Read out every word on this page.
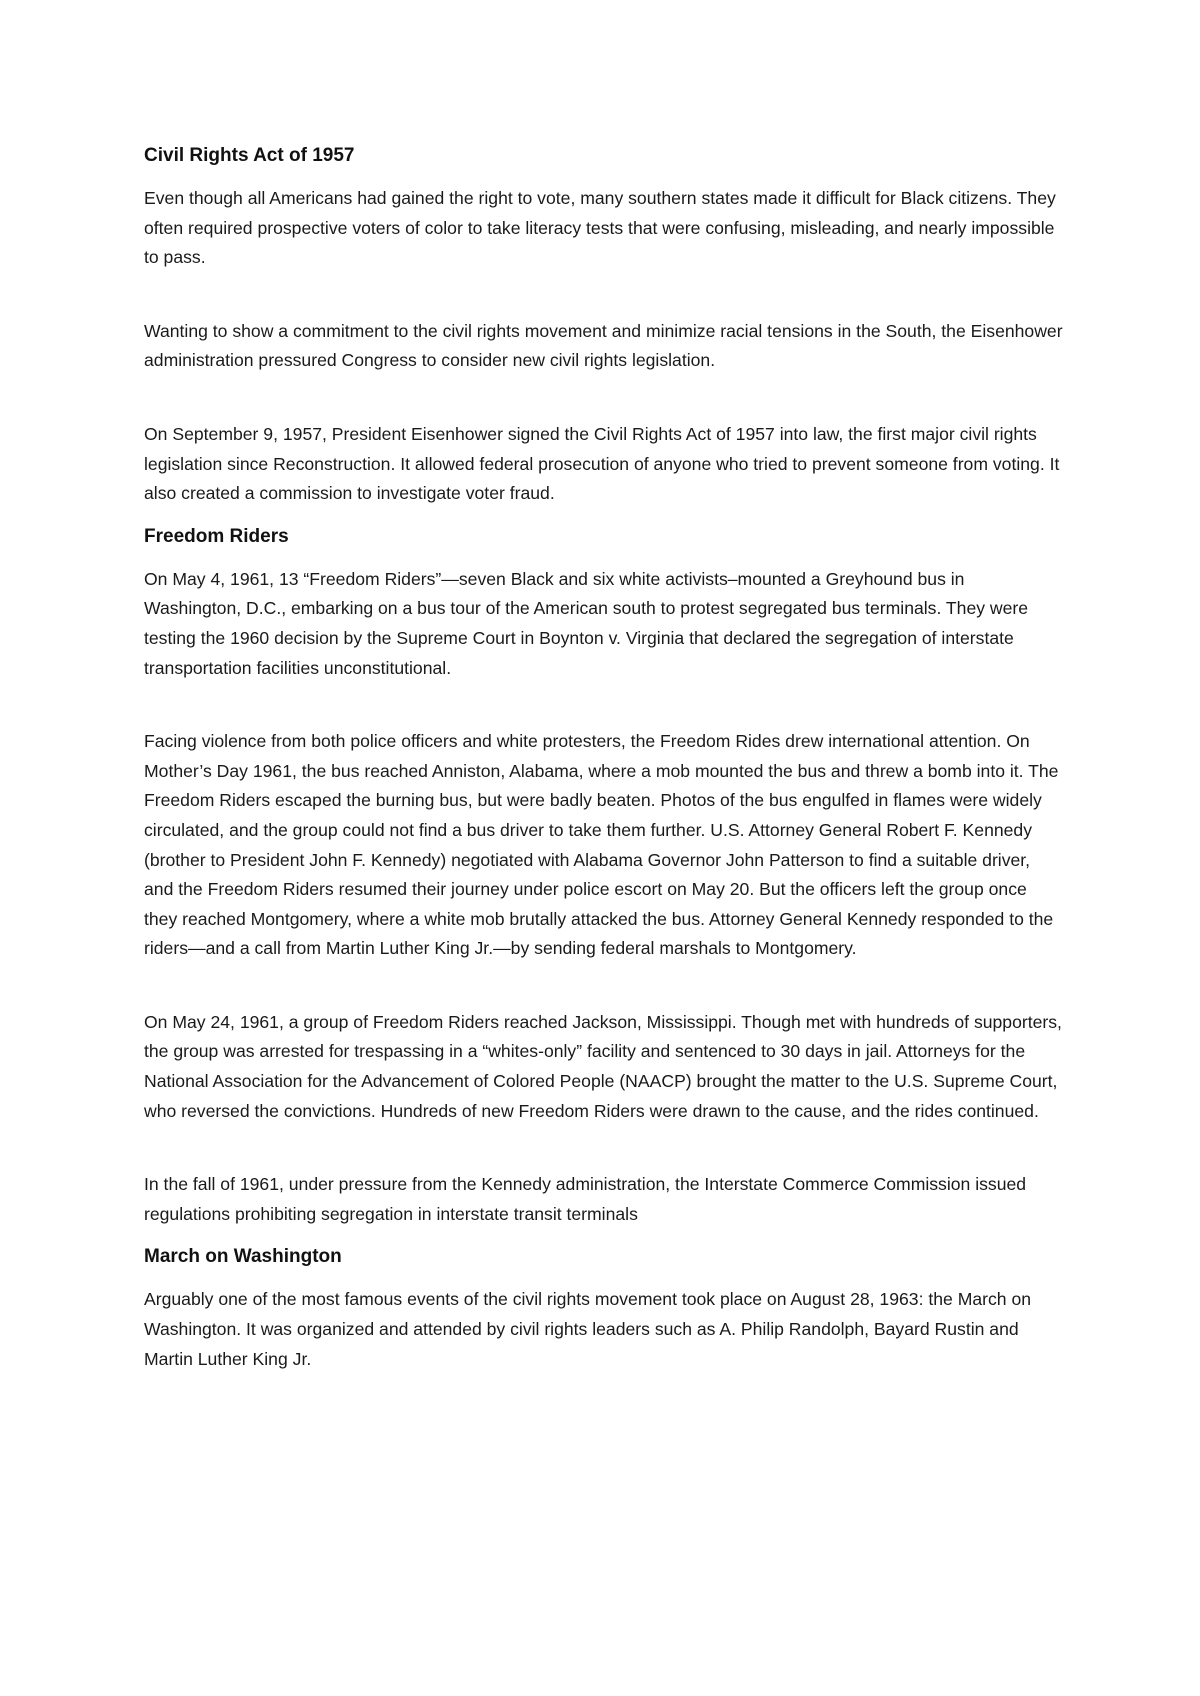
Civil Rights Act of 1957

Even though all Americans had gained the right to vote, many southern states made it difficult for Black citizens. They often required prospective voters of color to take literacy tests that were confusing, misleading, and nearly impossible to pass.

Wanting to show a commitment to the civil rights movement and minimize racial tensions in the South, the Eisenhower administration pressured Congress to consider new civil rights legislation.

On September 9, 1957, President Eisenhower signed the Civil Rights Act of 1957 into law, the first major civil rights legislation since Reconstruction. It allowed federal prosecution of anyone who tried to prevent someone from voting. It also created a commission to investigate voter fraud.

Freedom Riders

On May 4, 1961, 13 “Freedom Riders”—seven Black and six white activists–mounted a Greyhound bus in Washington, D.C., embarking on a bus tour of the American south to protest segregated bus terminals. They were testing the 1960 decision by the Supreme Court in Boynton v. Virginia that declared the segregation of interstate transportation facilities unconstitutional.

Facing violence from both police officers and white protesters, the Freedom Rides drew international attention. On Mother’s Day 1961, the bus reached Anniston, Alabama, where a mob mounted the bus and threw a bomb into it. The Freedom Riders escaped the burning bus, but were badly beaten. Photos of the bus engulfed in flames were widely circulated, and the group could not find a bus driver to take them further. U.S. Attorney General Robert F. Kennedy (brother to President John F. Kennedy) negotiated with Alabama Governor John Patterson to find a suitable driver, and the Freedom Riders resumed their journey under police escort on May 20. But the officers left the group once they reached Montgomery, where a white mob brutally attacked the bus. Attorney General Kennedy responded to the riders—and a call from Martin Luther King Jr.—by sending federal marshals to Montgomery.

On May 24, 1961, a group of Freedom Riders reached Jackson, Mississippi. Though met with hundreds of supporters, the group was arrested for trespassing in a “whites-only” facility and sentenced to 30 days in jail. Attorneys for the National Association for the Advancement of Colored People (NAACP) brought the matter to the U.S. Supreme Court, who reversed the convictions. Hundreds of new Freedom Riders were drawn to the cause, and the rides continued.

In the fall of 1961, under pressure from the Kennedy administration, the Interstate Commerce Commission issued regulations prohibiting segregation in interstate transit terminals

March on Washington

Arguably one of the most famous events of the civil rights movement took place on August 28, 1963: the March on Washington. It was organized and attended by civil rights leaders such as A. Philip Randolph, Bayard Rustin and Martin Luther King Jr.
